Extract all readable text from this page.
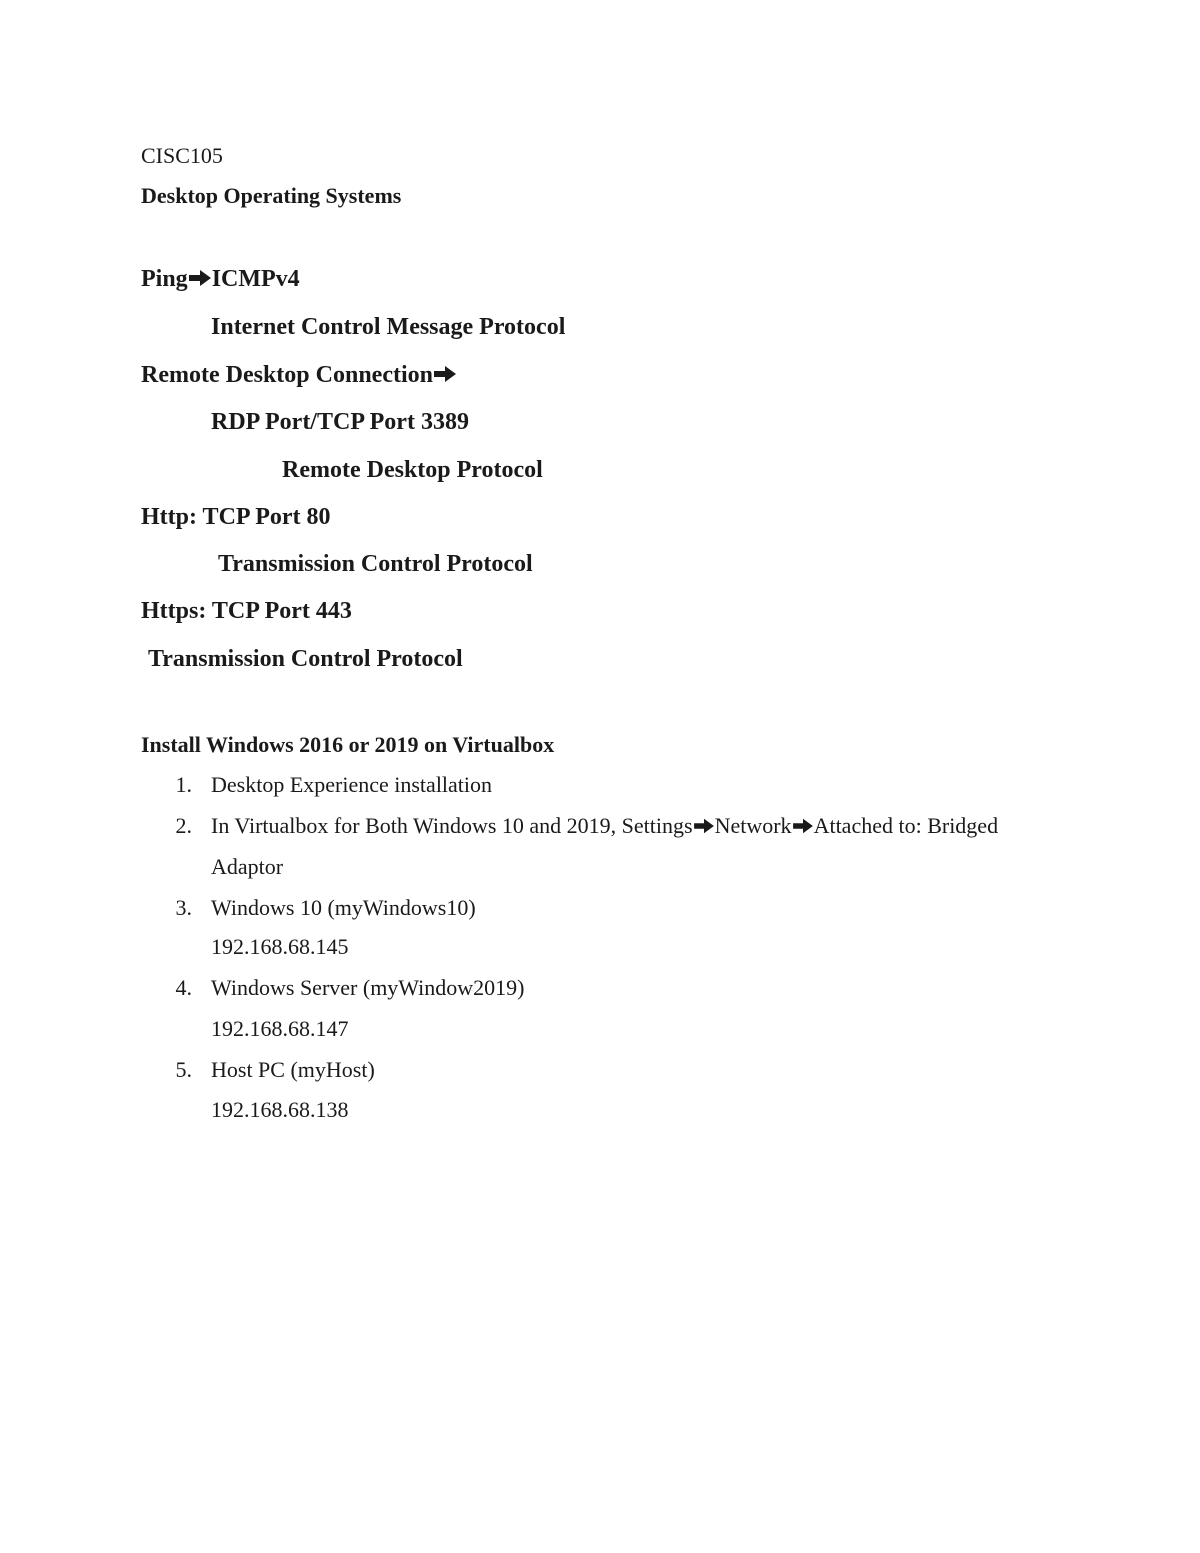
CISC105
Desktop Operating Systems
Ping ICMPv4
Internet Control Message Protocol
Remote Desktop Connection
RDP Port/TCP Port 3389
Remote Desktop Protocol
Http: TCP Port 80
Transmission Control Protocol
Https: TCP Port 443
Transmission Control Protocol
Install Windows 2016 or 2019 on Virtualbox
1. Desktop Experience installation
2. In Virtualbox for Both Windows 10 and 2019, Settings Network Attached to: Bridged
Adaptor
3. Windows 10 (myWindows10)
192.168.68.145
4. Windows Server (myWindow2019)
192.168.68.147
5. Host PC (myHost)
192.168.68.138
